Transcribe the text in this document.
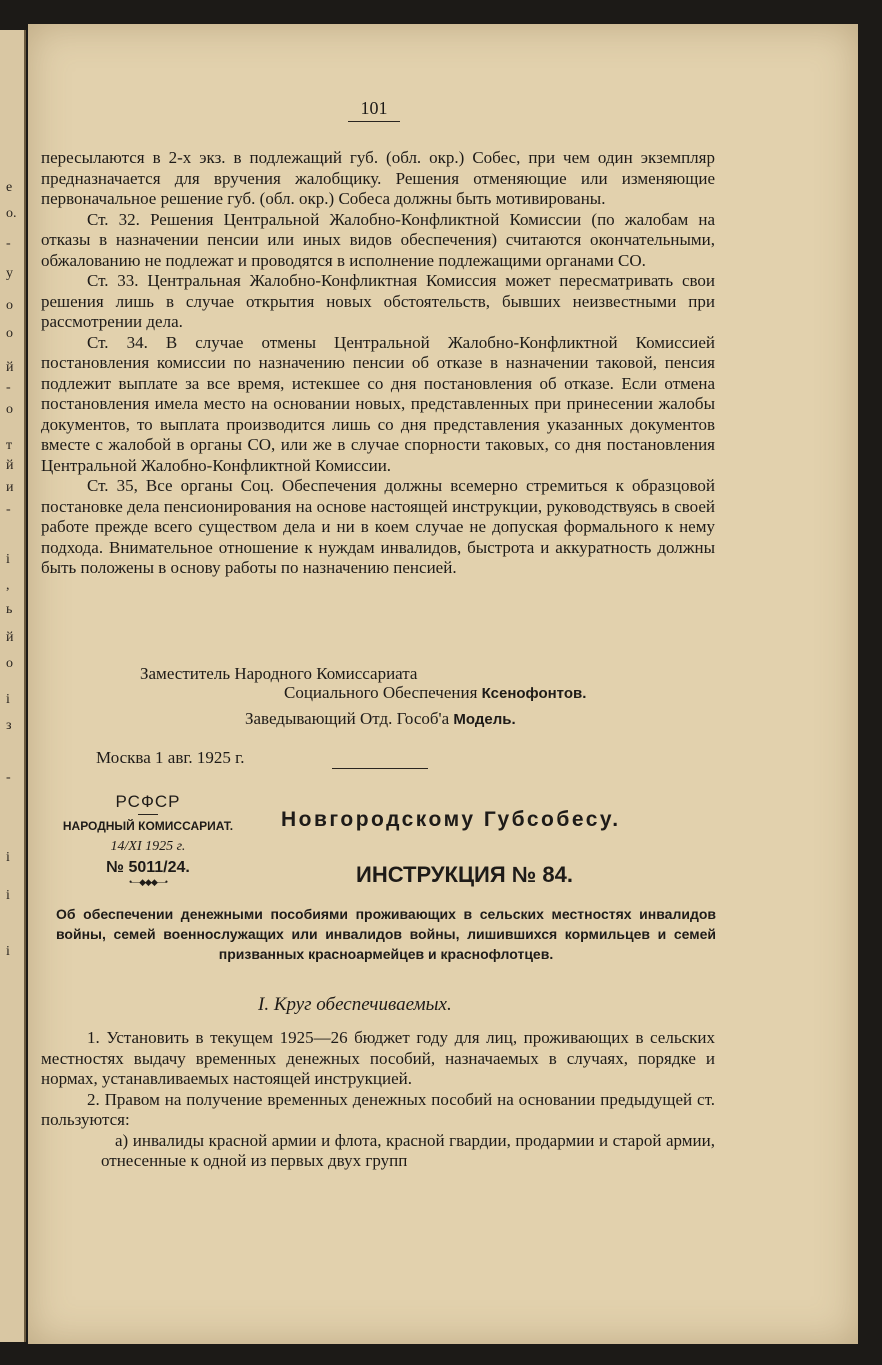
е
о.
-
у
о
о
й
-
о
т
й
и
-
і
,
ь
й
о
і
з
-
і
і
і
101

пересылаются в 2-х экз. в подлежащий губ. (обл. окр.) Собес, при чем один экземпляр предназначается для вручения жалобщику. Решения отменяющие или изменяющие первоначальное решение губ. (обл. окр.) Собеса должны быть мотивированы.

Ст. 32. Решения Центральной Жалобно-Конфликтной Комиссии (по жалобам на отказы в назначении пенсии или иных видов обеспечения) считаются окончательными, обжалованию не подлежат и проводятся в исполнение подлежащими органами СО.

Ст. 33. Центральная Жалобно-Конфликтная Комиссия может пересматривать свои решения лишь в случае открытия новых обстоятельств, бывших неизвестными при рассмотрении дела.

Ст. 34. В случае отмены Центральной Жалобно-Конфликтной Комиссией постановления комиссии по назначению пенсии об отказе в назначении таковой, пенсия подлежит выплате за все время, истекшее со дня постановления об отказе. Если отмена постановления имела место на основании новых, представленных при принесении жалобы документов, то выплата производится лишь со дня представления указанных документов вместе с жалобой в органы СО, или же в случае спорности таковых, со дня постановления Центральной Жалобно-Конфликтной Комиссии.

Ст. 35, Все органы Соц. Обеспечения должны всемерно стремиться к образцовой постановке дела пенсионирования на основе настоящей инструкции, руководствуясь в своей работе прежде всего существом дела и ни в коем случае не допуская формального к нему подхода. Внимательное отношение к нуждам инвалидов, быстрота и аккуратность должны быть положены в основу работы по назначению пенсией.

Заместитель Народного Комиссариата
Социального Обеспечения Ксенофонтов.
Заведывающий Отд. Гособ'а Модель.
Москва 1 авг. 1925 г.
РСФСР
НАРОДНЫЙ КОМИССАРИАТ.
14/XI 1925 г.
№ 5011/24.
•—◆◆◆—•
Новгородскому Губсобесу.
ИНСТРУКЦИЯ № 84.
Об обеспечении денежными пособиями проживающих в сельских местностях инвалидов войны, семей военнослужащих или инвалидов войны, лишившихся кормильцев и семей призванных красноармейцев и краснофлотцев.
I. Круг обеспечиваемых.

1. Установить в текущем 1925—26 бюджет году для лиц, проживающих в сельских местностях выдачу временных денежных пособий, назначаемых в случаях, порядке и нормах, устанавливаемых настоящей инструкцией.

2. Правом на получение временных денежных пособий на основании предыдущей ст. пользуются:

а) инвалиды красной армии и флота, красной гвардии, продармии и старой армии, отнесенные к одной из первых двух групп
